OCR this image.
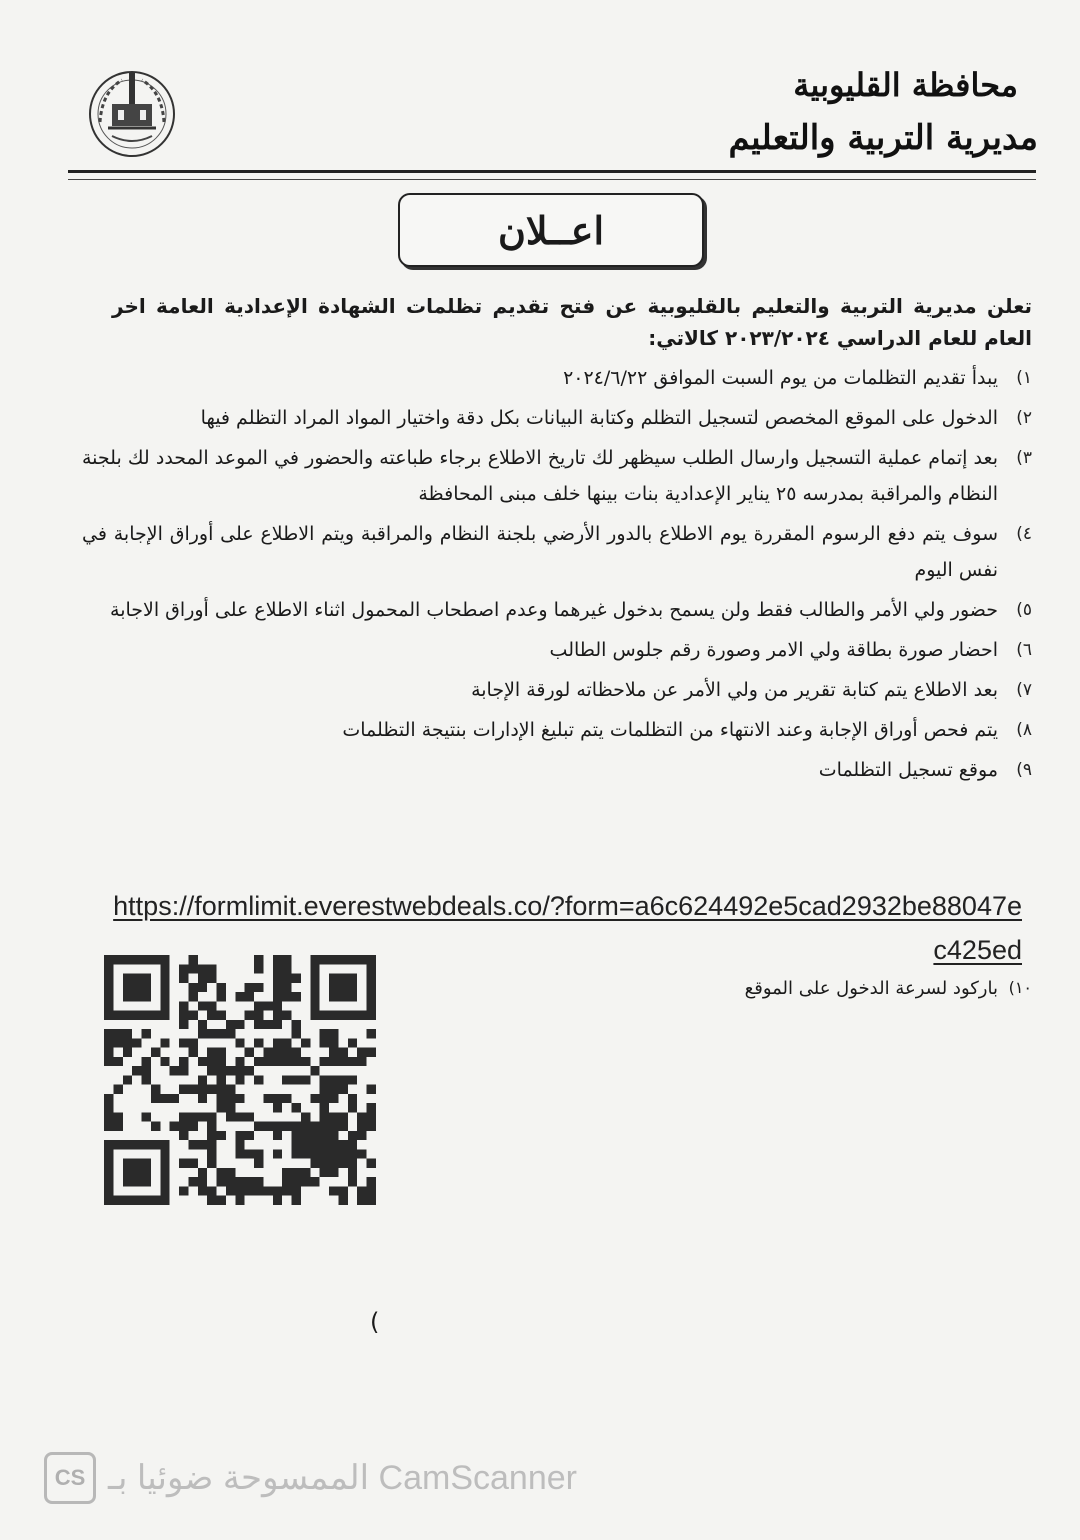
محافظة القليوبية
مديرية التربية والتعليم
اعــلان
تعلن مديرية التربية والتعليم بالقليوبية عن فتح تقديم تظلمات الشهادة الإعدادية العامة اخر العام للعام الدراسي ٢٠٢٣/٢٠٢٤ كالاتي:
١)
يبدأ تقديم التظلمات من يوم السبت الموافق ٢٠٢٤/٦/٢٢
٢)
الدخول على الموقع المخصص لتسجيل التظلم وكتابة البيانات بكل دقة واختيار المواد المراد التظلم فيها
٣)
بعد إتمام عملية التسجيل وارسال الطلب سيظهر لك تاريخ الاطلاع برجاء طباعته والحضور في الموعد المحدد لك بلجنة النظام والمراقبة بمدرسه ٢٥ يناير الإعدادية بنات بينها خلف مبنى المحافظة
٤)
سوف يتم دفع الرسوم المقررة يوم الاطلاع بالدور الأرضي بلجنة النظام والمراقبة ويتم الاطلاع على أوراق الإجابة في نفس اليوم
٥)
حضور ولي الأمر والطالب فقط ولن يسمح بدخول غيرهما وعدم اصطحاب المحمول اثناء الاطلاع على أوراق الاجابة
٦)
احضار صورة بطاقة ولي الامر وصورة رقم جلوس الطالب
٧)
بعد الاطلاع يتم كتابة تقرير من ولي الأمر عن ملاحظاته لورقة الإجابة
٨)
يتم فحص أوراق الإجابة وعند الانتهاء من التظلمات يتم تبليغ الإدارات بنتيجة التظلمات
٩)
موقع تسجيل التظلمات
https://formlimit.everestwebdeals.co/?form=a6c624492e5cad2932be88047ec425ed
١٠)
باركود لسرعة الدخول على الموقع
(
CS الممسوحة ضوئيا بـ CamScanner
